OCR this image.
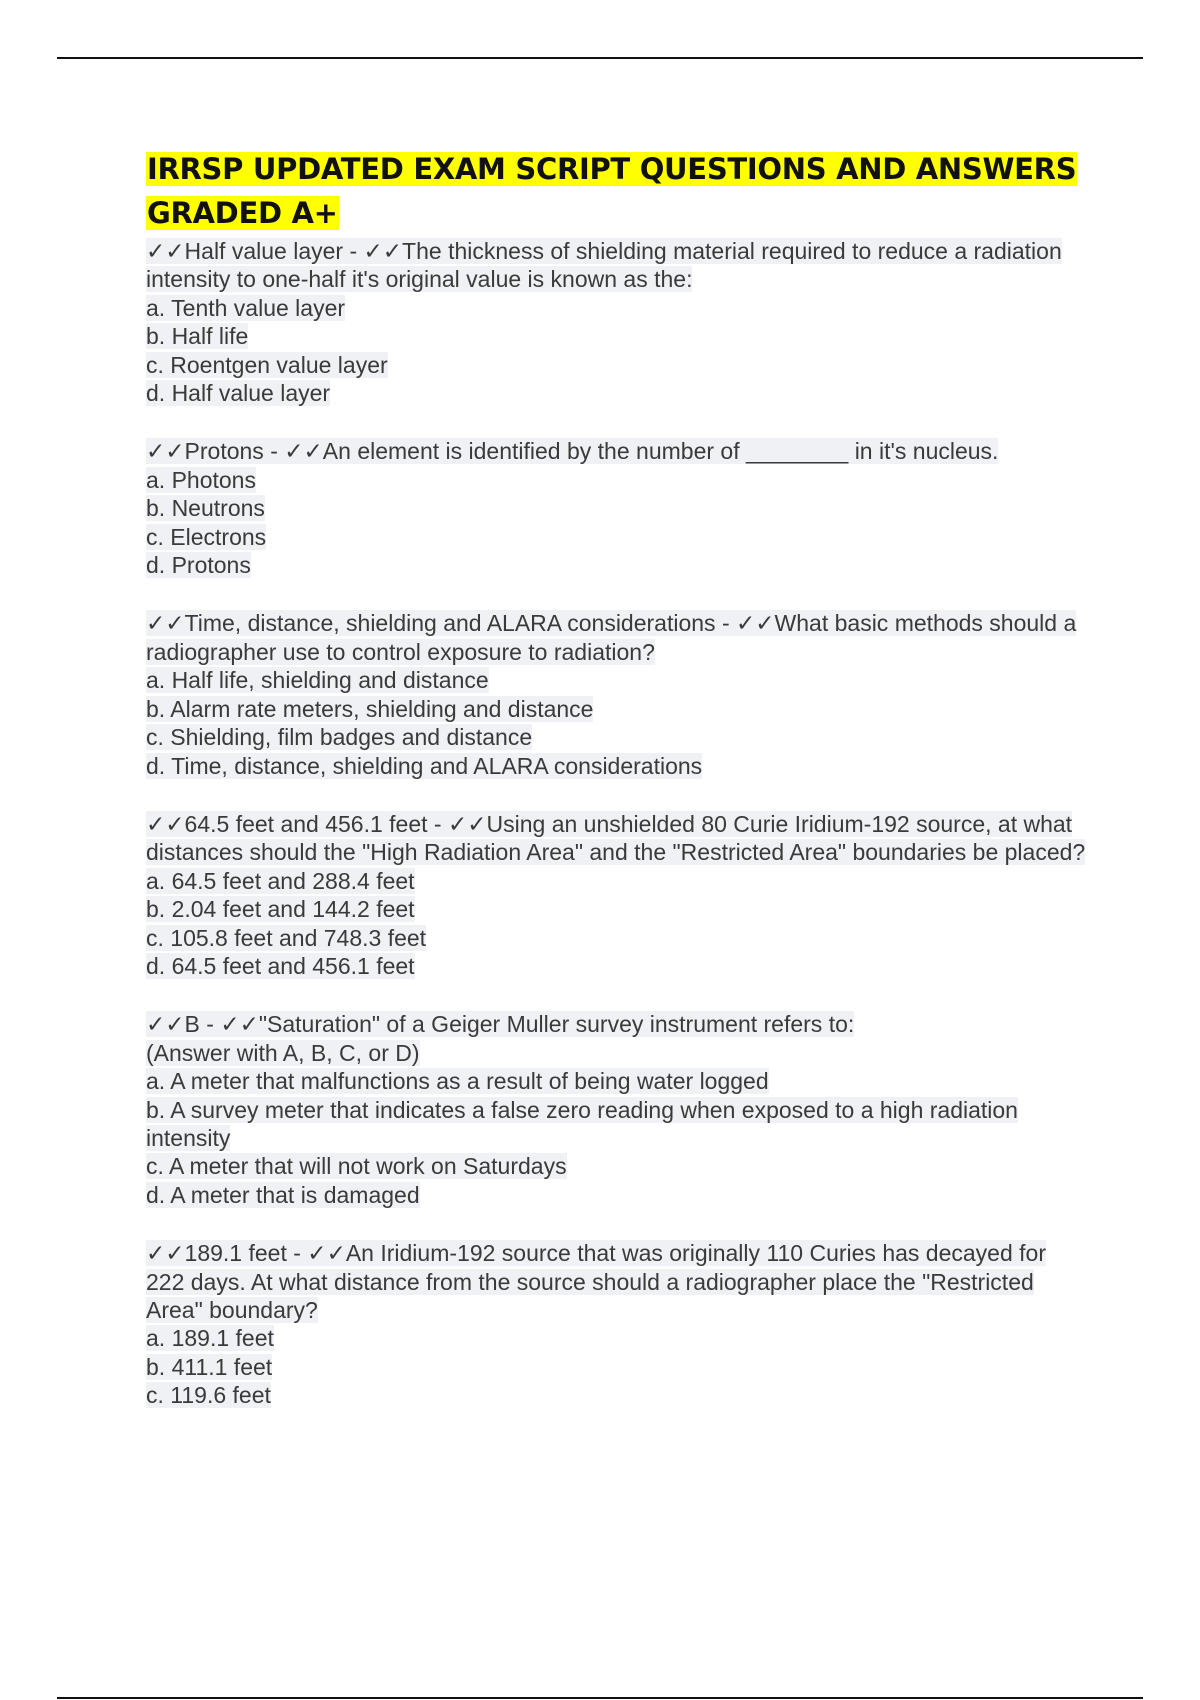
IRRSP UPDATED EXAM SCRIPT QUESTIONS AND ANSWERS GRADED A+
✓✓Half value layer - ✓✓The thickness of shielding material required to reduce a radiation intensity to one-half it's original value is known as the:
a. Tenth value layer
b. Half life
c. Roentgen value layer
d. Half value layer
✓✓Protons - ✓✓An element is identified by the number of ________ in it's nucleus.
a. Photons
b. Neutrons
c. Electrons
d. Protons
✓✓Time, distance, shielding and ALARA considerations - ✓✓What basic methods should a radiographer use to control exposure to radiation?
a. Half life, shielding and distance
b. Alarm rate meters, shielding and distance
c. Shielding, film badges and distance
d. Time, distance, shielding and ALARA considerations
✓✓64.5 feet and 456.1 feet - ✓✓Using an unshielded 80 Curie Iridium-192 source, at what distances should the "High Radiation Area" and the "Restricted Area" boundaries be placed?
a. 64.5 feet and 288.4 feet
b. 2.04 feet and 144.2 feet
c. 105.8 feet and 748.3 feet
d. 64.5 feet and 456.1 feet
✓✓B - ✓✓"Saturation" of a Geiger Muller survey instrument refers to:
(Answer with A, B, C, or D)
a. A meter that malfunctions as a result of being water logged
b. A survey meter that indicates a false zero reading when exposed to a high radiation intensity
c. A meter that will not work on Saturdays
d. A meter that is damaged
✓✓189.1 feet - ✓✓An Iridium-192 source that was originally 110 Curies has decayed for 222 days. At what distance from the source should a radiographer place the "Restricted Area" boundary?
a. 189.1 feet
b. 411.1 feet
c. 119.6 feet
